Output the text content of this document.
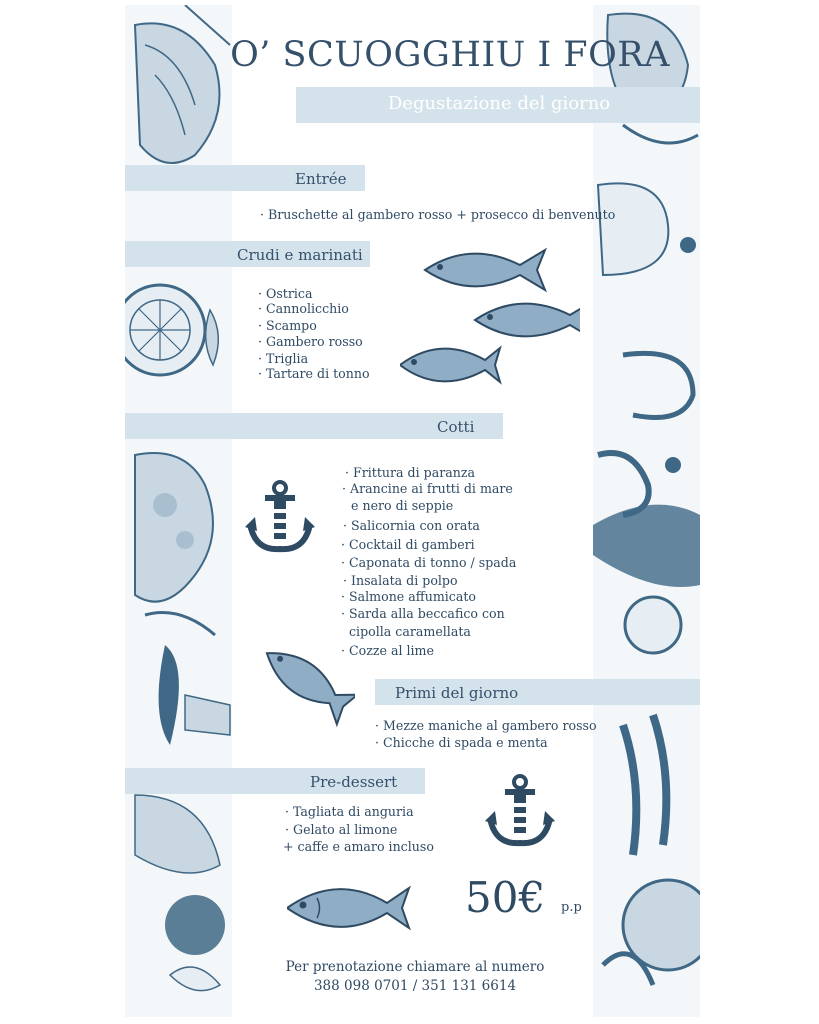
O’ SCUOGGHIU I FORA
Degustazione del giorno
Entrée
· Bruschette al gambero rosso + prosecco di benvenuto
Crudi e marinati
· Ostrica
· Cannolicchio
· Scampo
· Gambero rosso
· Triglia
· Tartare di tonno
Cotti
· Frittura di paranza
· Arancine ai frutti di mare
e nero di seppie
· Salicornia con orata
· Cocktail di gamberi
· Caponata di tonno / spada
· Insalata di polpo
· Salmone affumicato
· Sarda alla beccafico con
cipolla caramellata
· Cozze al lime
Primi del giorno
· Mezze maniche al gambero rosso
· Chicche di spada e menta
Pre-dessert
· Tagliata di anguria
· Gelato al limone
+ caffe e amaro incluso
50€ p.p
Per prenotazione chiamare al numero
388 098 0701 / 351 131 6614
